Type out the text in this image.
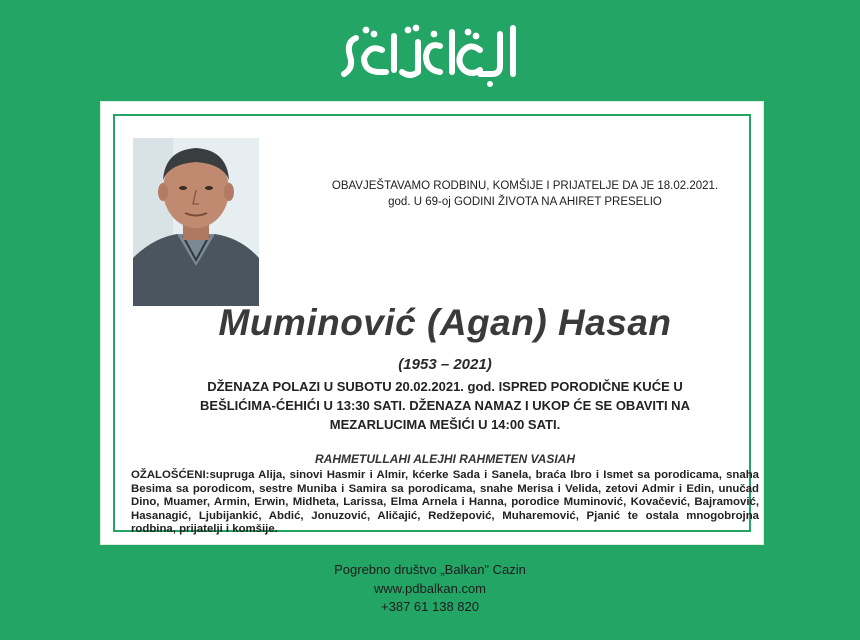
OBAVJEŠTAVAMO RODBINU, KOMŠIJE I PRIJATELJE DA JE 18.02.2021.
god. U 69-oj GODINI ŽIVOTA NA AHIRET PRESELIO
Muminović (Agan) Hasan
(1953 – 2021)
DŽENAZA POLAZI U SUBOTU 20.02.2021. god. ISPRED PORODIČNE KUĆE U
BEŠLIĆIMA-ĆEHIĆI U 13:30 SATI. DŽENAZA NAMAZ I UKOP ĆE SE OBAVITI NA
MEZARLUCIMA MEŠIĆI U 14:00 SATI.
RAHMETULLAHI ALEJHI RAHMETEN VASIAH
OŽALOŠĆENI:supruga Alija, sinovi Hasmir i Almir, kćerke Sada i Sanela, braća Ibro i Ismet sa porodicama, snaha Besima sa porodicom, sestre Muniba i Samira sa porodicama, snahe Merisa i Velida, zetovi Admir i Edin, unučad Dino, Muamer, Armin, Erwin, Midheta, Larissa, Elma Arnela i Hanna, porodice Muminović, Kovačević, Bajramović, Hasanagić, Ljubijankić, Abdić, Jonuzović, Aličajić, Redžepović, Muharemović, Pjanić te ostala mnogobrojna rodbina, prijatelji i komšije.
Pogrebno društvo „Balkan" Cazin
www.pdbalkan.com
+387 61 138 820
